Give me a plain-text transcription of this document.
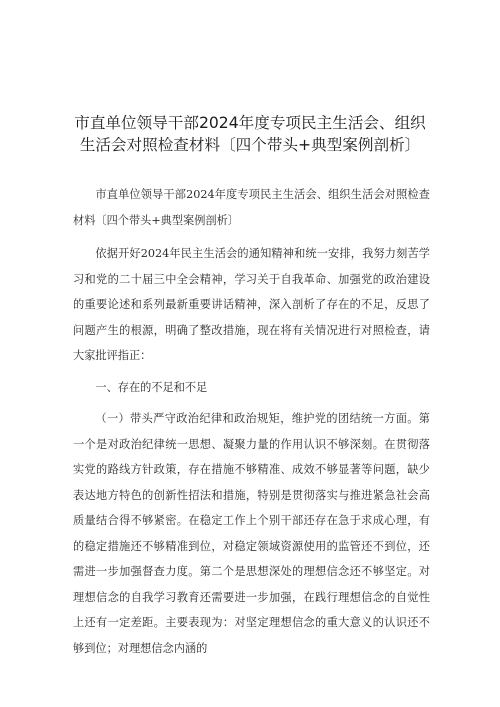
市直单位领导干部2024年度专项民主生活会、组织生活会对照检查材料〔四个带头+典型案例剖析〕

市直单位领导干部2024年度专项民主生活会、组织生活会对照检查材料〔四个带头+典型案例剖析〕

依据开好2024年民主生活会的通知精神和统一安排，我努力刻苦学习和党的二十届三中全会精神，学习关于自我革命、加强党的政治建设的重要论述和系列最新重要讲话精神，深入剖析了存在的不足，反思了问题产生的根源，明确了整改措施，现在将有关情况进行对照检查，请大家批评指正：

一、存在的不足和不足

（一）带头严守政治纪律和政治规矩，维护党的团结统一方面。第一个是对政治纪律统一思想、凝聚力量的作用认识不够深刻。在贯彻落实党的路线方针政策，存在措施不够精准、成效不够显著等问题，缺少表达地方特色的创新性招法和措施，特别是贯彻落实与推进紧急社会高质量结合得不够紧密。在稳定工作上个别干部还存在急于求成心理，有的稳定措施还不够精准到位，对稳定领域资源使用的监管还不到位，还需进一步加强督查力度。第二个是思想深处的理想信念还不够坚定。对理想信念的自我学习教育还需要进一步加强，在践行理想信念的自觉性上还有一定差距。主要表现为：对坚定理想信念的重大意义的认识还不够到位；对理想信念内涵的
